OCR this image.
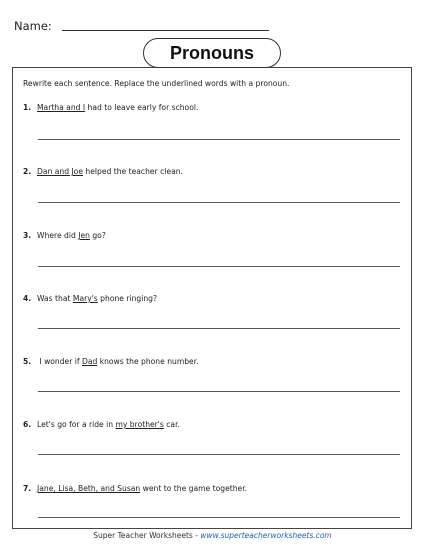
Name:
Pronouns
Rewrite each sentence. Replace the underlined words with a pronoun.
1. Martha and I had to leave early for school.
2. Dan and Joe helped the teacher clean.
3. Where did Jen go?
4. Was that Mary's phone ringing?
5. I wonder if Dad knows the phone number.
6. Let's go for a ride in my brother's car.
7. Jane, Lisa, Beth, and Susan went to the game together.
Super Teacher Worksheets - www.superteacherworksheets.com
